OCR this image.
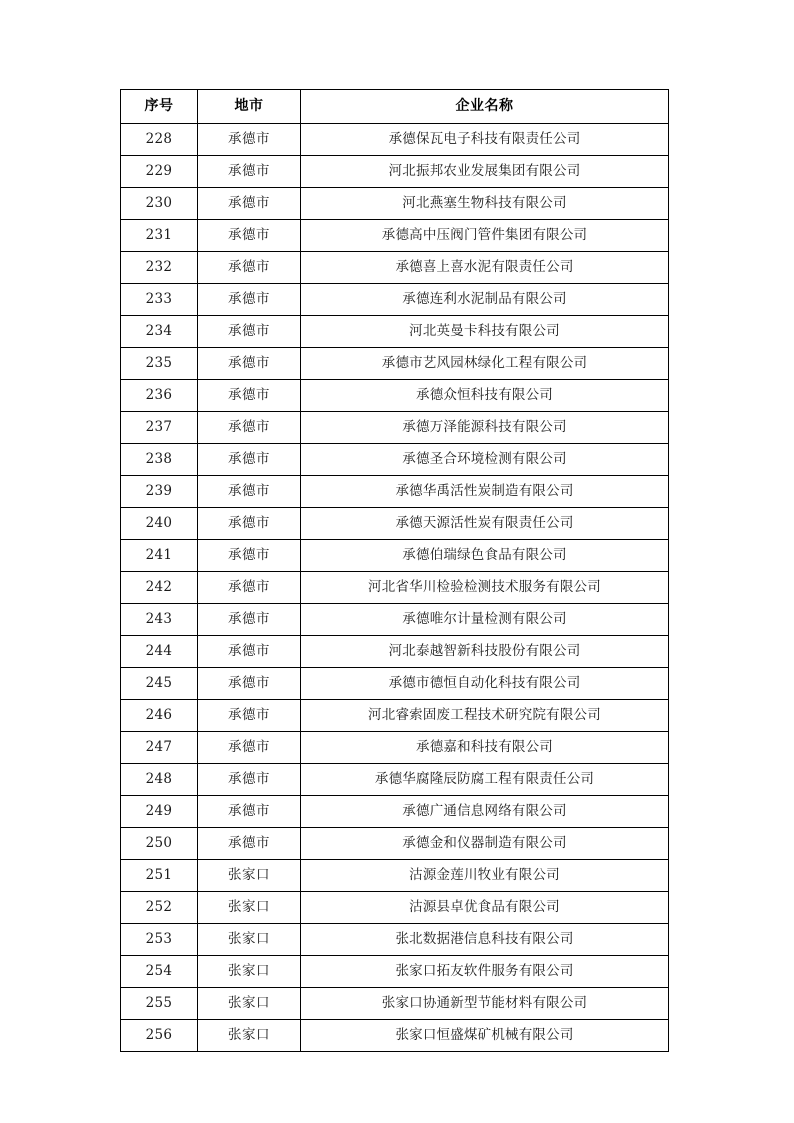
序号	地市	企业名称
228	承德市	承德保瓦电子科技有限责任公司
229	承德市	河北振邦农业发展集团有限公司
230	承德市	河北燕塞生物科技有限公司
231	承德市	承德高中压阀门管件集团有限公司
232	承德市	承德喜上喜水泥有限责任公司
233	承德市	承德连利水泥制品有限公司
234	承德市	河北英曼卡科技有限公司
235	承德市	承德市艺风园林绿化工程有限公司
236	承德市	承德众恒科技有限公司
237	承德市	承德万泽能源科技有限公司
238	承德市	承德圣合环境检测有限公司
239	承德市	承德华禹活性炭制造有限公司
240	承德市	承德天源活性炭有限责任公司
241	承德市	承德伯瑞绿色食品有限公司
242	承德市	河北省华川检验检测技术服务有限公司
243	承德市	承德唯尔计量检测有限公司
244	承德市	河北泰越智新科技股份有限公司
245	承德市	承德市德恒自动化科技有限公司
246	承德市	河北睿索固废工程技术研究院有限公司
247	承德市	承德嘉和科技有限公司
248	承德市	承德华腐隆辰防腐工程有限责任公司
249	承德市	承德广通信息网络有限公司
250	承德市	承德金和仪器制造有限公司
251	张家口	沽源金莲川牧业有限公司
252	张家口	沽源县卓优食品有限公司
253	张家口	张北数据港信息科技有限公司
254	张家口	张家口拓友软件服务有限公司
255	张家口	张家口协通新型节能材料有限公司
256	张家口	张家口恒盛煤矿机械有限公司
